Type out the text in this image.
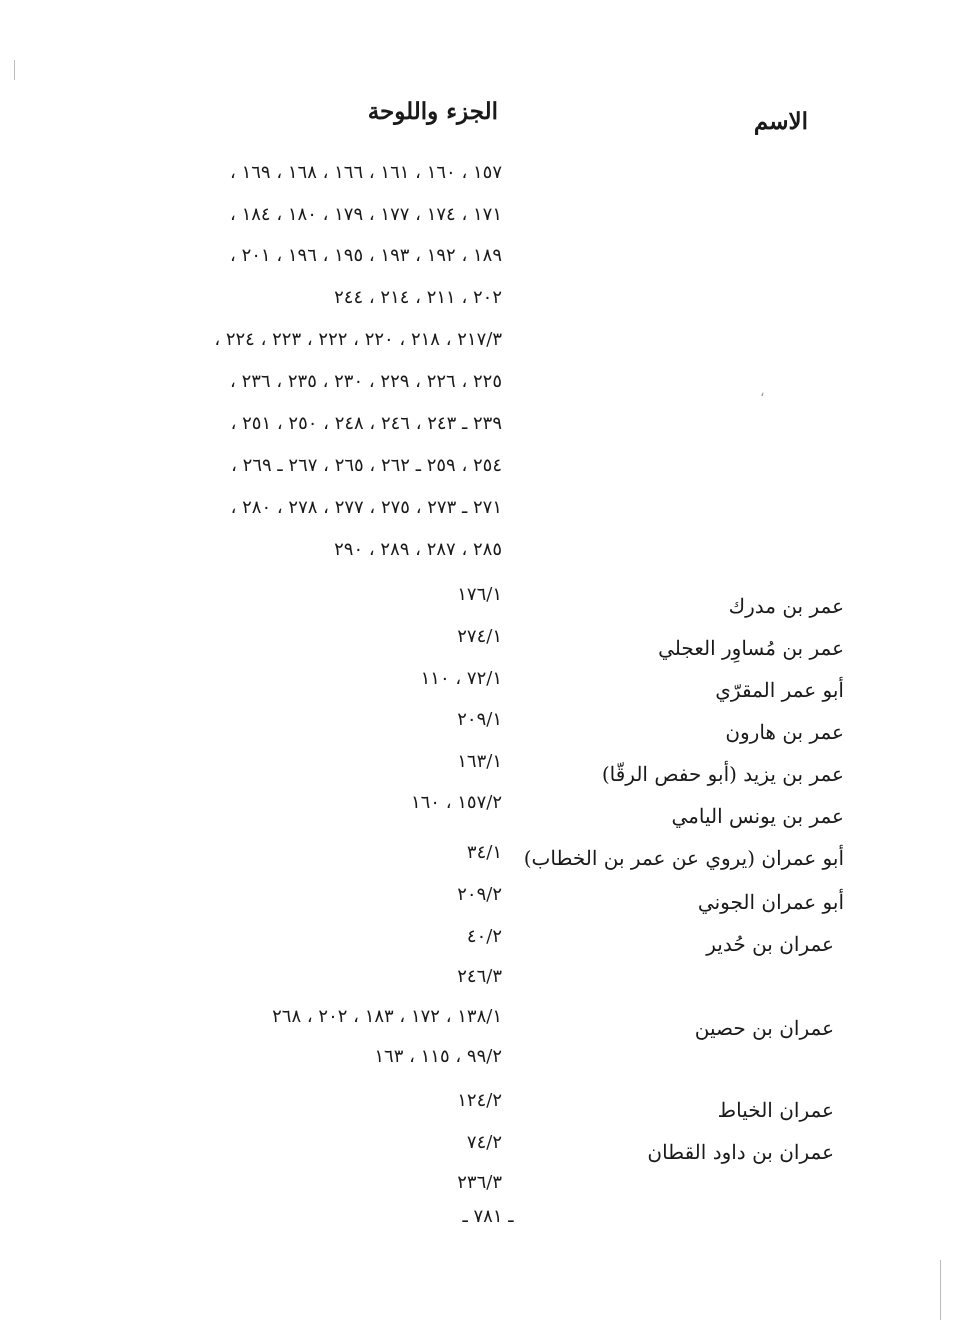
،
الاسم
الجزء واللوحة
١٥٧ ، ١٦٠ ، ١٦١ ، ١٦٦ ، ١٦٨ ، ١٦٩ ،
١٧١ ، ١٧٤ ، ١٧٧ ، ١٧٩ ، ١٨٠ ، ١٨٤ ،
١٨٩ ، ١٩٢ ، ١٩٣ ، ١٩٥ ، ١٩٦ ، ٢٠١ ،
٢٠٢ ، ٢١١ ، ٢١٤ ، ٢٤٤
٢١٧/٣ ، ٢١٨ ، ٢٢٠ ، ٢٢٢ ، ٢٢٣ ، ٢٢٤ ،
٢٢٥ ، ٢٢٦ ، ٢٢٩ ، ٢٣٠ ، ٢٣٥ ، ٢٣٦ ،
٢٣٩ ـ ٢٤٣ ، ٢٤٦ ، ٢٤٨ ، ٢٥٠ ، ٢٥١ ،
٢٥٤ ، ٢٥٩ ـ ٢٦٢ ، ٢٦٥ ، ٢٦٧ ـ ٢٦٩ ،
٢٧١ ـ ٢٧٣ ، ٢٧٥ ، ٢٧٧ ، ٢٧٨ ، ٢٨٠ ،
٢٨٥ ، ٢٨٧ ، ٢٨٩ ، ٢٩٠
عمر بن مدرك
١٧٦/١
عمر بن مُساوِر العجلي
٢٧٤/١
أبو عمر المقرّي
٧٢/١ ، ١١٠
عمر بن هارون
٢٠٩/١
عمر بن يزيد (أبو حفص الرقّا)
١٦٣/١
عمر بن يونس اليامي
١٥٧/٢ ، ١٦٠
أبو عمران (يروي عن عمر بن الخطاب)
٣٤/١
أبو عمران الجوني
٢٠٩/٢
عمران بن حُدير
٤٠/٢
٢٤٦/٣
عمران بن حصين
١٣٨/١ ، ١٧٢ ، ١٨٣ ، ٢٠٢ ، ٢٦٨
٩٩/٢ ، ١١٥ ، ١٦٣
عمران الخياط
١٢٤/٢
عمران بن داود القطان
٧٤/٢
٢٣٦/٣
ـ ٧٨١ ـ
